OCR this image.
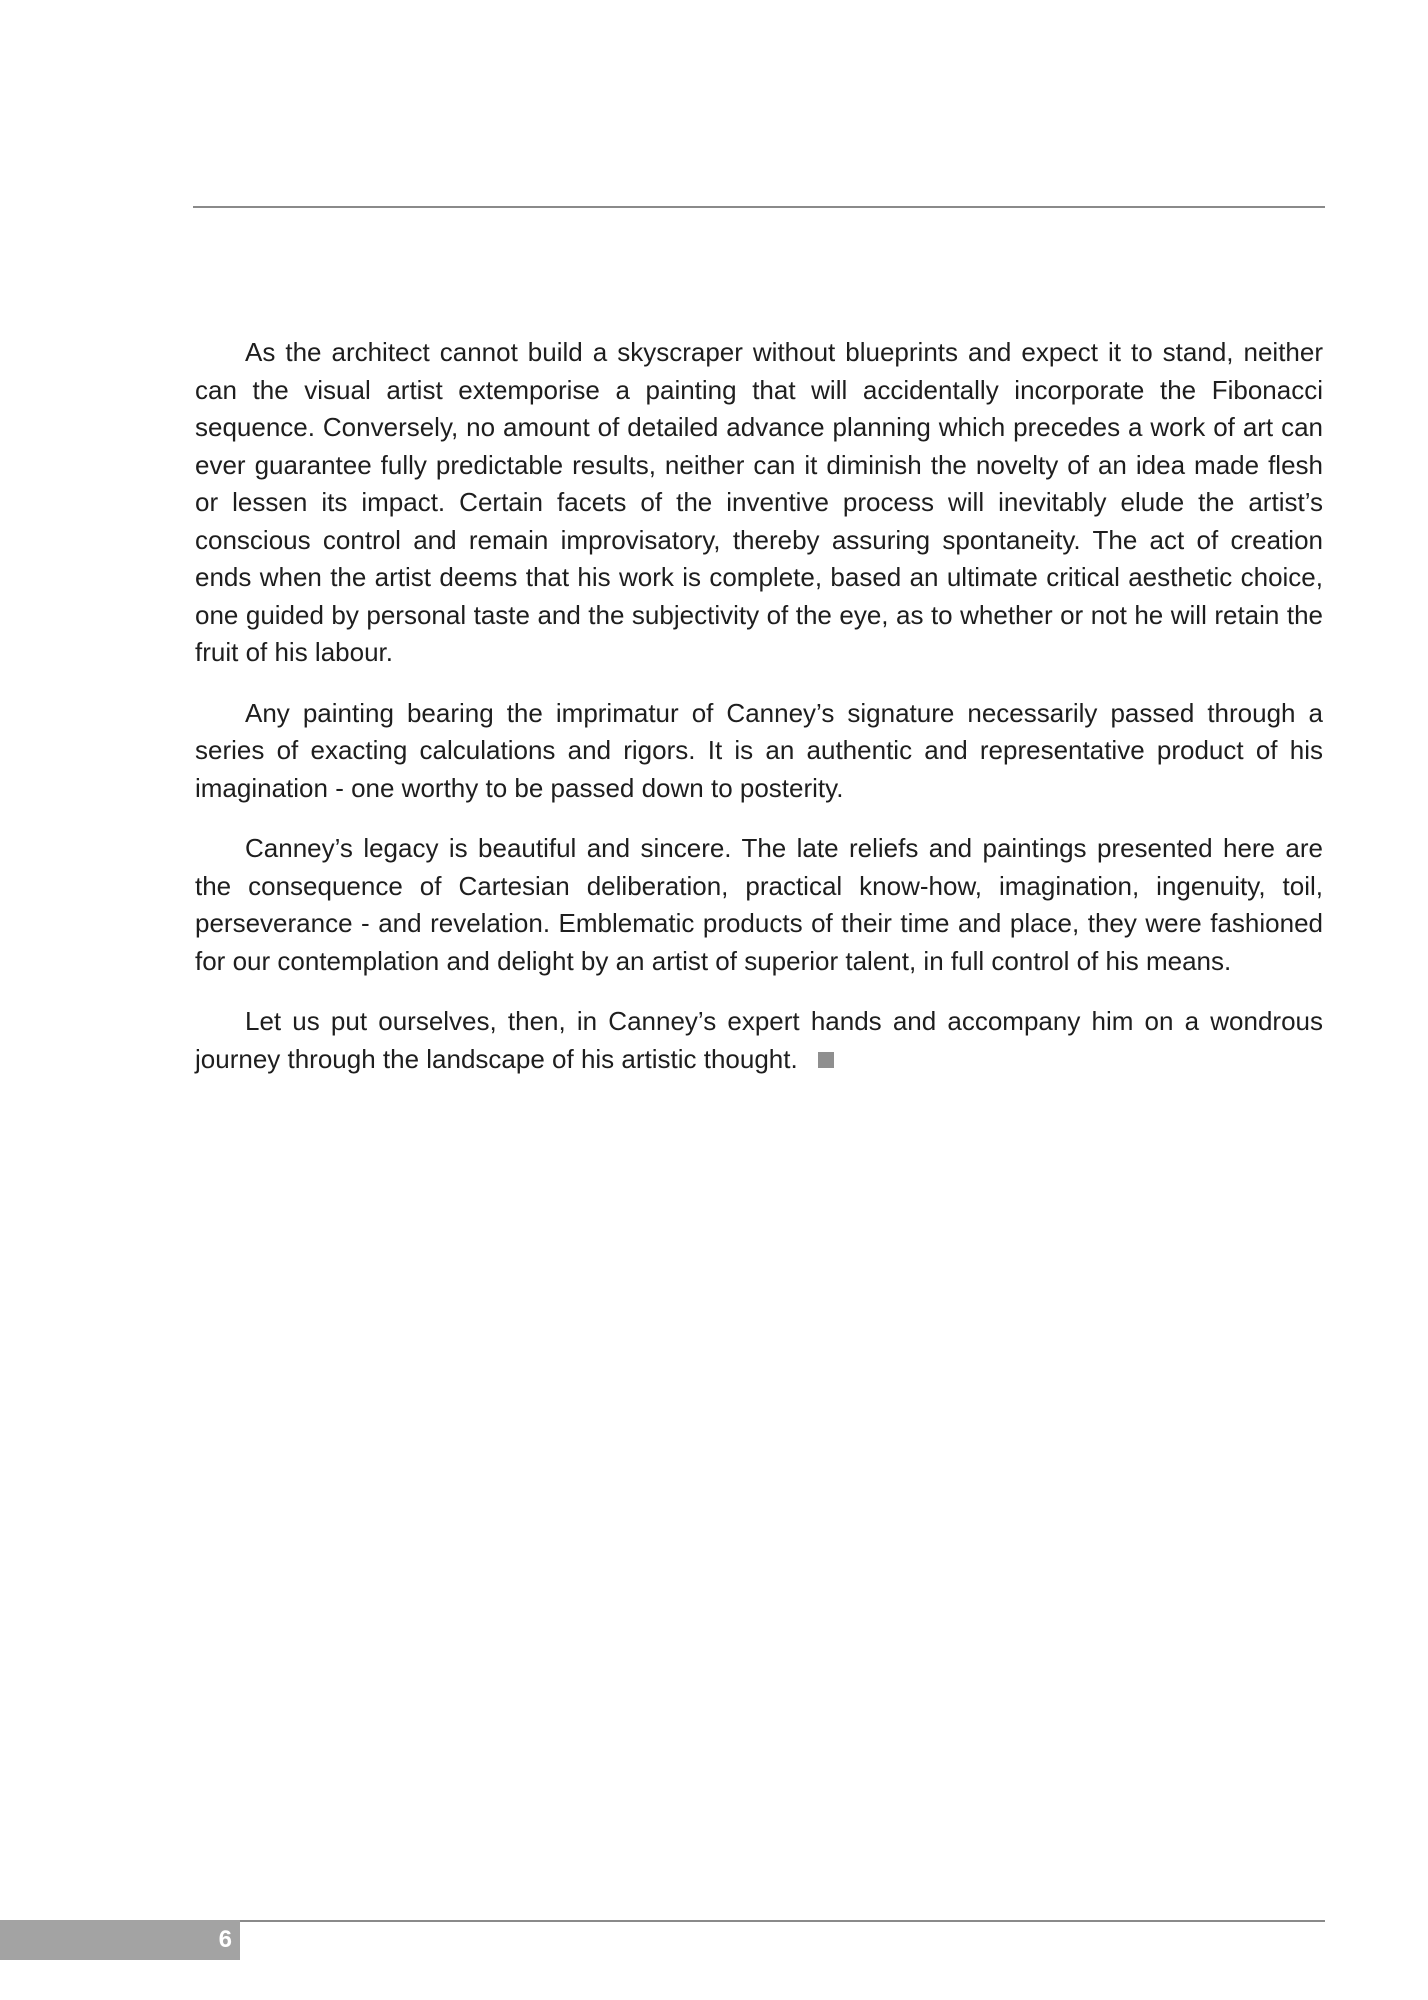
As the architect cannot build a skyscraper without blueprints and expect it to stand, neither can the visual artist extemporise a painting that will accidentally incorporate the Fibonacci sequence. Conversely, no amount of detailed advance planning which precedes a work of art can ever guarantee fully predictable results, neither can it diminish the novelty of an idea made flesh or lessen its impact. Certain facets of the inventive process will inevitably elude the artist’s conscious control and remain improvisatory, thereby assuring spontaneity. The act of creation ends when the artist deems that his work is complete, based an ultimate critical aesthetic choice, one guided by personal taste and the subjectivity of the eye, as to whether or not he will retain the fruit of his labour.

Any painting bearing the imprimatur of Canney’s signature necessarily passed through a series of exacting calculations and rigors. It is an authentic and representative product of his imagination - one worthy to be passed down to posterity.

Canney’s legacy is beautiful and sincere. The late reliefs and paintings presented here are the consequence of Cartesian deliberation, practical know-how, imagination, ingenuity, toil, perseverance - and revelation. Emblematic products of their time and place, they were fashioned for our contemplation and delight by an artist of superior talent, in full control of his means.

Let us put ourselves, then, in Canney’s expert hands and accompany him on a wondrous journey through the landscape of his artistic thought.

6
